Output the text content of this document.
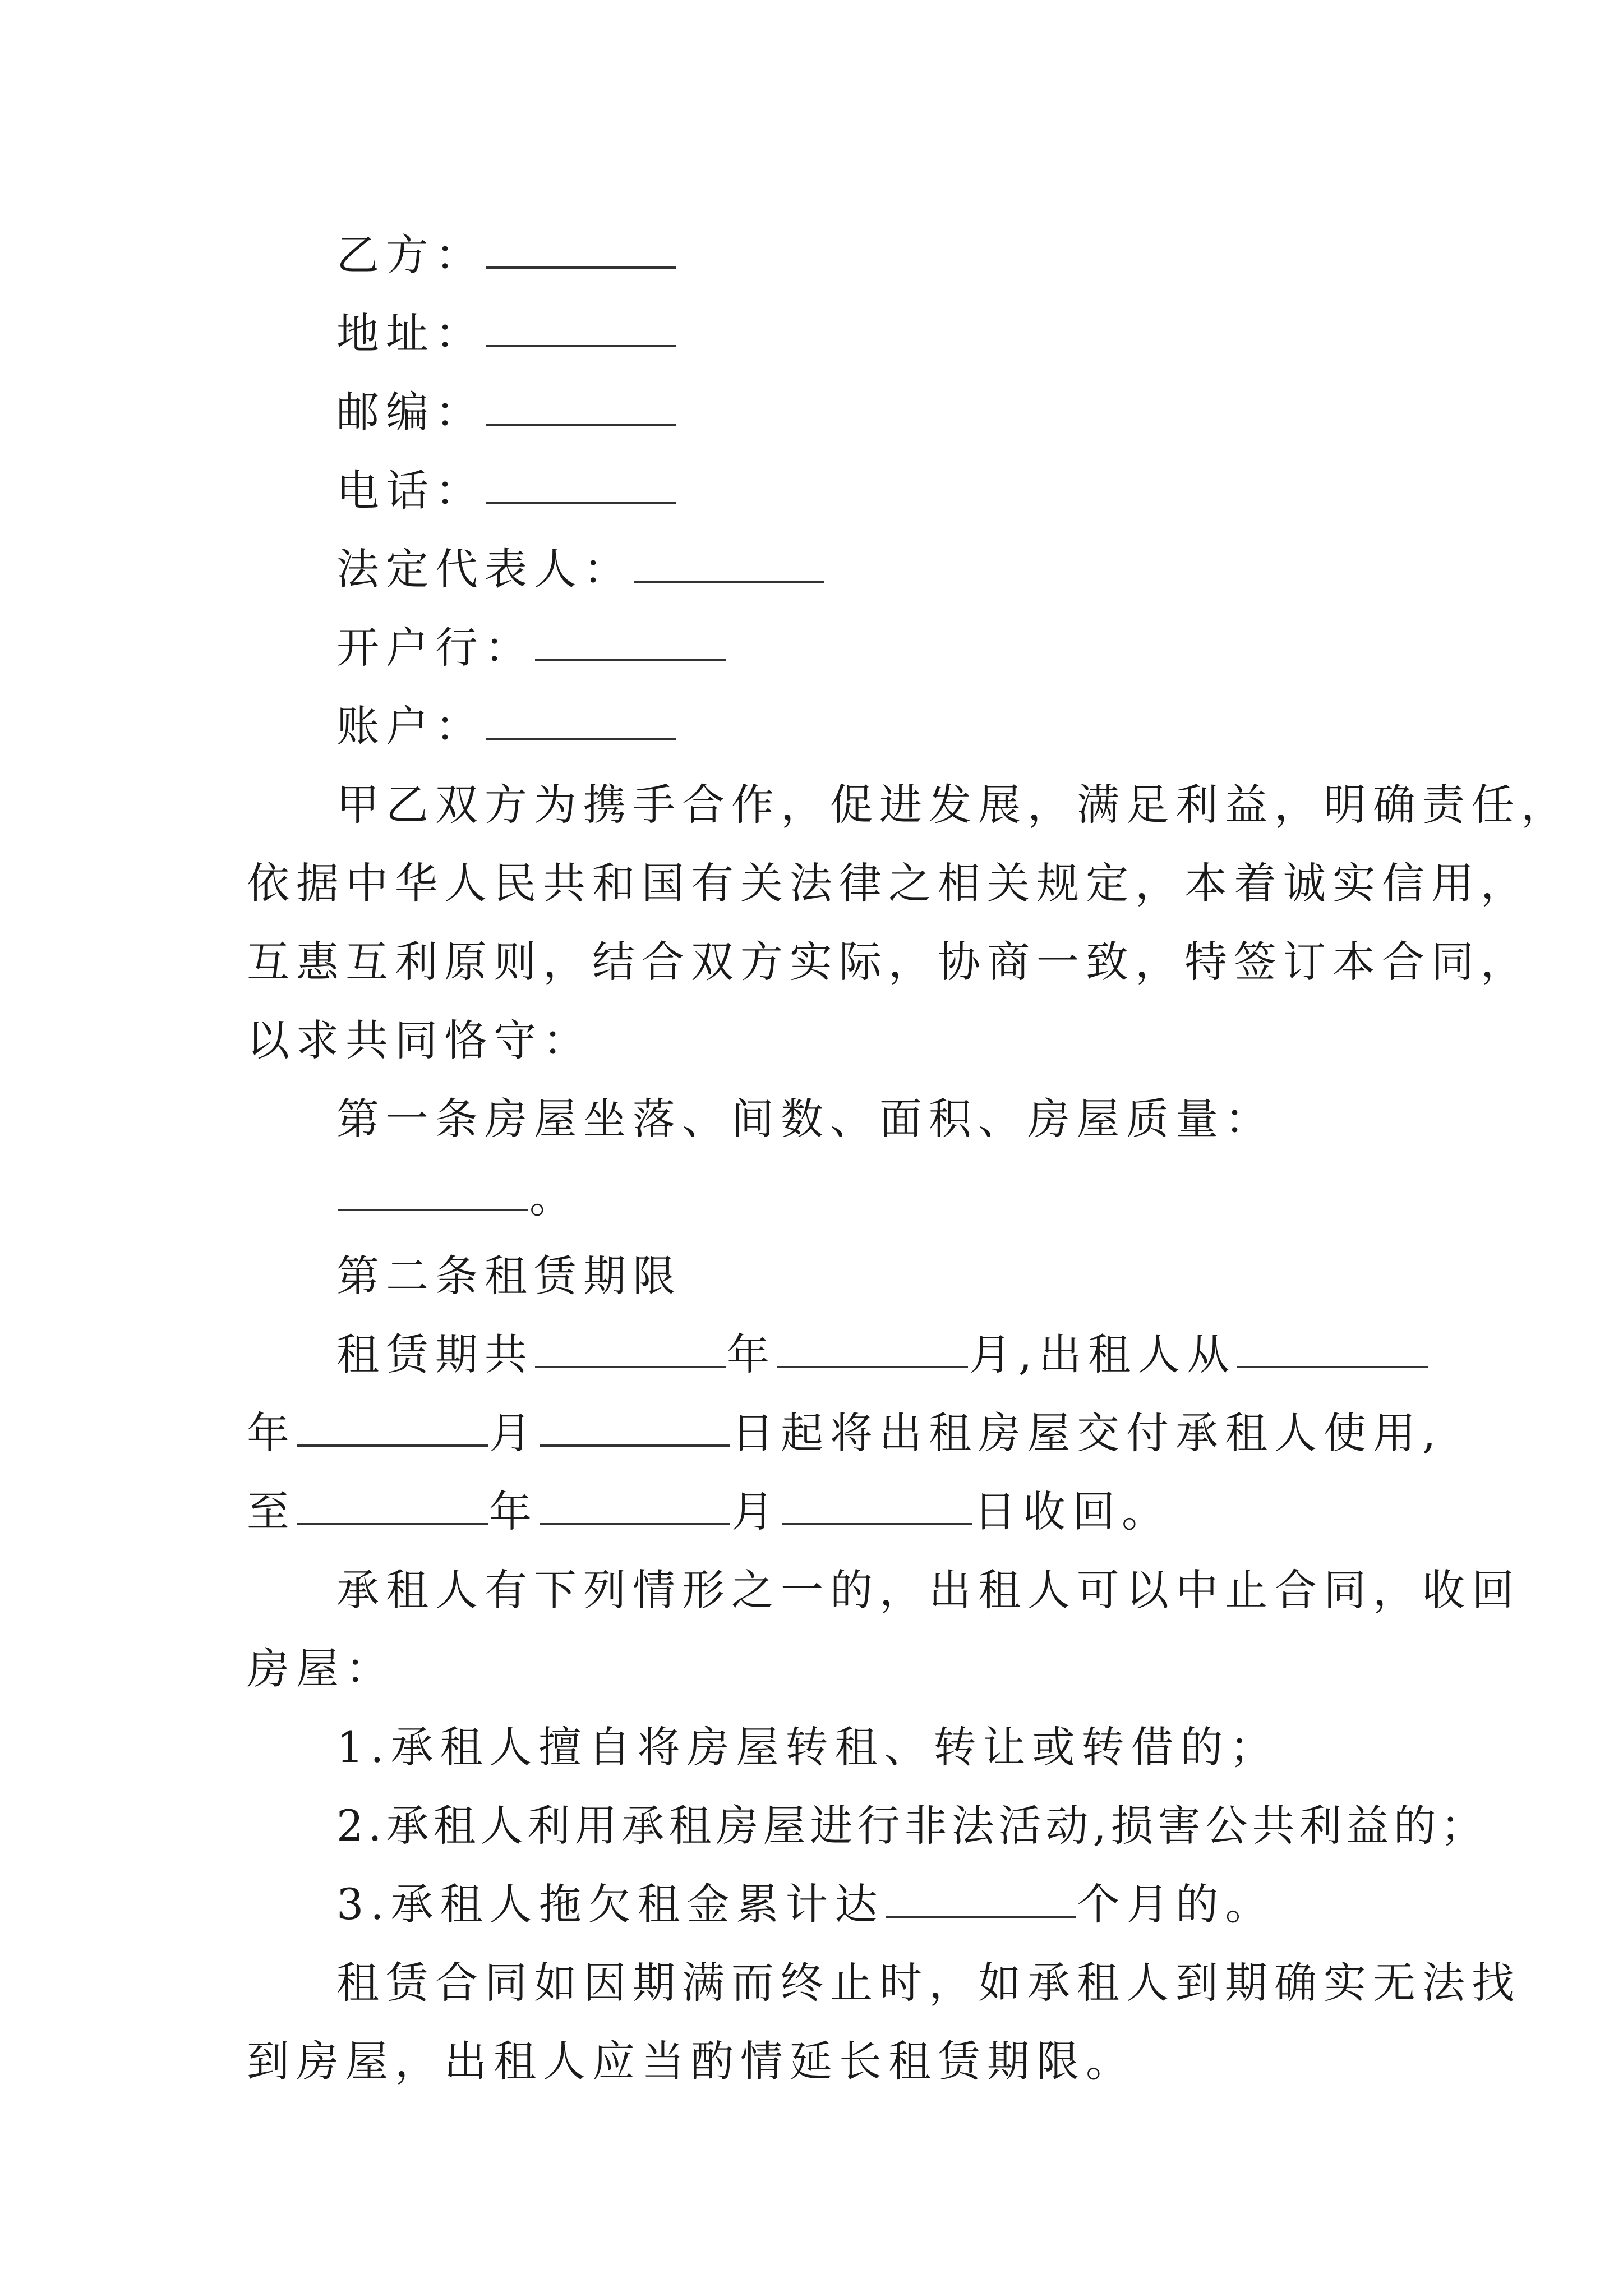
乙方：
地址：
邮编：
电话：
法定代表人：
开户行：
账户：
甲乙双方为携手合作，促进发展，满足利益，明确责任，
依据中华人民共和国有关法律之相关规定，本着诚实信用，
互惠互利原则，结合双方实际，协商一致，特签订本合同，
以求共同恪守：
第一条房屋坐落、间数、面积、房屋质量：
。
第二条租赁期限
租赁期共	年	月,出租人从
年	月	日起将出租房屋交付承租人使用,
至	年	月	日收回。
承租人有下列情形之一的，出租人可以中止合同，收回
房屋：
1.承租人擅自将房屋转租、转让或转借的；
2.承租人利用承租房屋进行非法活动,损害公共利益的；
3.承租人拖欠租金累计达	个月的。
租赁合同如因期满而终止时，如承租人到期确实无法找
到房屋，出租人应当酌情延长租赁期限。
